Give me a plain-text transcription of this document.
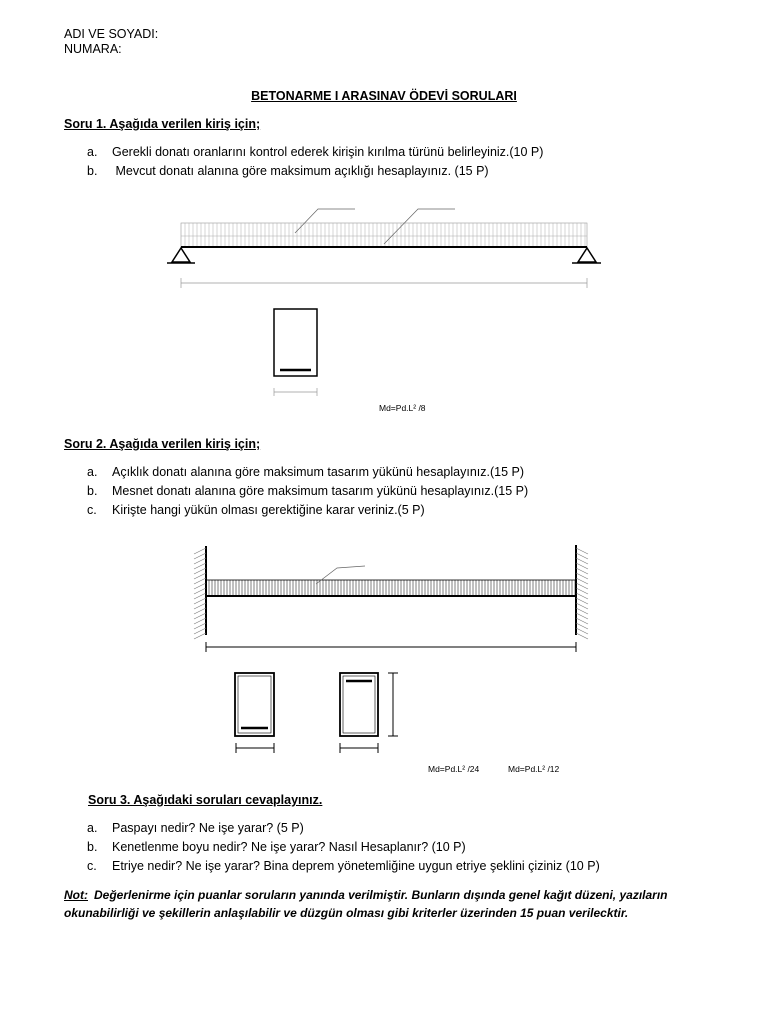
ADI VE SOYADI:
NUMARA:
BETONARME I ARASINAV ÖDEVİ SORULARI
Soru 1. Aşağıda verilen kiriş için;
a. Gerekli donatı oranlarını kontrol ederek kirişin kırılma türünü belirleyiniz.(10 P)
b. Mevcut donatı alanına göre maksimum açıklığı hesaplayınız. (15 P)
Md=Pd.L² /8
Soru 2. Aşağıda verilen kiriş için;
a. Açıklık donatı alanına göre maksimum tasarım yükünü hesaplayınız.(15 P)
b. Mesnet donatı alanına göre maksimum tasarım yükünü hesaplayınız.(15 P)
c. Kirişte hangi yükün olması gerektiğine karar veriniz.(5 P)
Md=Pd.L² /24	Md=Pd.L² /12
Soru 3. Aşağıdaki soruları cevaplayınız.
a. Paspayı nedir? Ne işe yarar? (5 P)
b. Kenetlenme boyu nedir? Ne işe yarar? Nasıl Hesaplanır? (10 P)
c. Etriye nedir? Ne işe yarar? Bina deprem yönetemliğine uygun etriye şeklini çiziniz (10 P)
Not: Değerlenirme için puanlar soruların yanında verilmiştir. Bunların dışında genel kağıt düzeni, yazıların okunabilirliği ve şekillerin anlaşılabilir ve düzgün olması gibi kriterler üzerinden 15 puan verilecktir.
